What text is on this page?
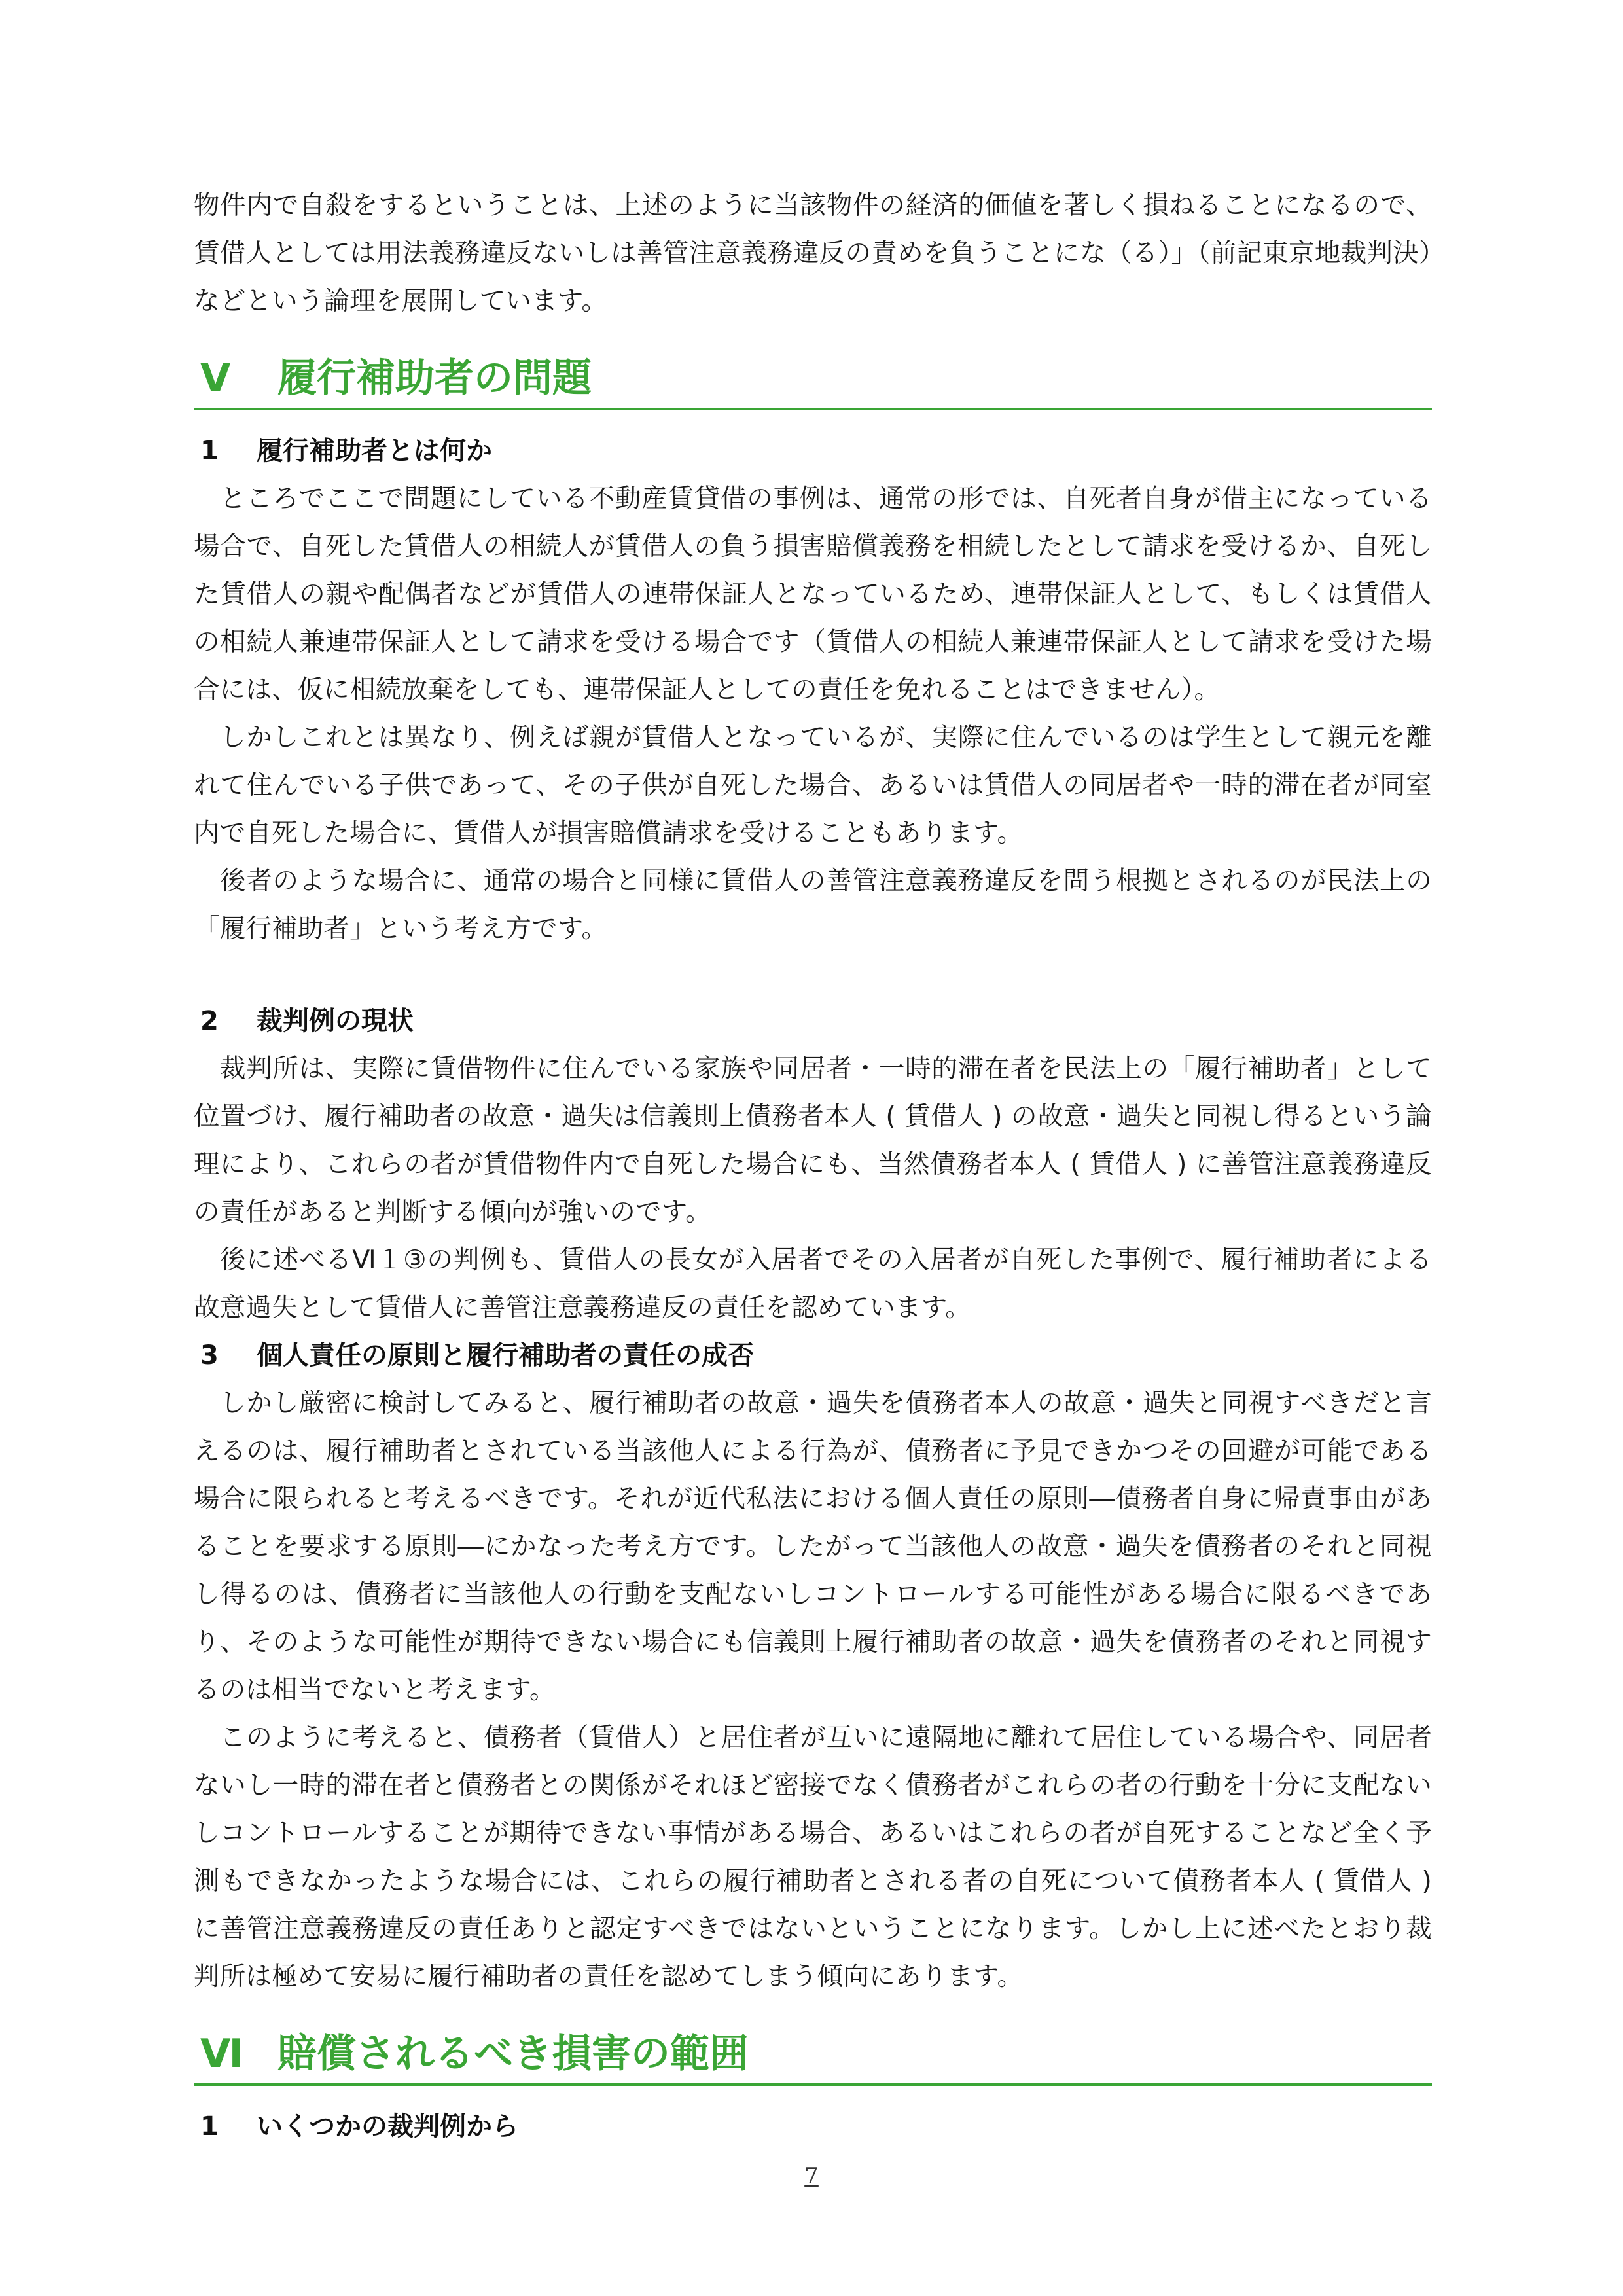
物件内で自殺をするということは、上述のように当該物件の経済的価値を著しく損ねることになるので、賃借人としては用法義務違反ないしは善管注意義務違反の責めを負うことにな（る）」（前記東京地裁判決）などという論理を展開しています。

Ⅴ	履行補助者の問題
1	履行補助者とは何か

ところでここで問題にしている不動産賃貸借の事例は、通常の形では、自死者自身が借主になっている場合で、自死した賃借人の相続人が賃借人の負う損害賠償義務を相続したとして請求を受けるか、自死した賃借人の親や配偶者などが賃借人の連帯保証人となっているため、連帯保証人として、もしくは賃借人の相続人兼連帯保証人として請求を受ける場合です（賃借人の相続人兼連帯保証人として請求を受けた場合には、仮に相続放棄をしても、連帯保証人としての責任を免れることはできません）。

しかしこれとは異なり、例えば親が賃借人となっているが、実際に住んでいるのは学生として親元を離れて住んでいる子供であって、その子供が自死した場合、あるいは賃借人の同居者や一時的滞在者が同室内で自死した場合に、賃借人が損害賠償請求を受けることもあります。

後者のような場合に、通常の場合と同様に賃借人の善管注意義務違反を問う根拠とされるのが民法上の「履行補助者」という考え方です。

2	裁判例の現状

裁判所は、実際に賃借物件に住んでいる家族や同居者・一時的滞在者を民法上の「履行補助者」として位置づけ、履行補助者の故意・過失は信義則上債務者本人 ( 賃借人 ) の故意・過失と同視し得るという論理により、これらの者が賃借物件内で自死した場合にも、当然債務者本人 ( 賃借人 ) に善管注意義務違反の責任があると判断する傾向が強いのです。

後に述べるⅥ１③の判例も、賃借人の長女が入居者でその入居者が自死した事例で、履行補助者による故意過失として賃借人に善管注意義務違反の責任を認めています。

3	個人責任の原則と履行補助者の責任の成否

しかし厳密に検討してみると、履行補助者の故意・過失を債務者本人の故意・過失と同視すべきだと言えるのは、履行補助者とされている当該他人による行為が、債務者に予見できかつその回避が可能である場合に限られると考えるべきです。それが近代私法における個人責任の原則―債務者自身に帰責事由があることを要求する原則―にかなった考え方です。したがって当該他人の故意・過失を債務者のそれと同視し得るのは、債務者に当該他人の行動を支配ないしコントロールする可能性がある場合に限るべきであり、そのような可能性が期待できない場合にも信義則上履行補助者の故意・過失を債務者のそれと同視するのは相当でないと考えます。

このように考えると、債務者（賃借人）と居住者が互いに遠隔地に離れて居住している場合や、同居者ないし一時的滞在者と債務者との関係がそれほど密接でなく債務者がこれらの者の行動を十分に支配ないしコントロールすることが期待できない事情がある場合、あるいはこれらの者が自死することなど全く予測もできなかったような場合には、これらの履行補助者とされる者の自死について債務者本人 ( 賃借人 ) に善管注意義務違反の責任ありと認定すべきではないということになります。しかし上に述べたとおり裁判所は極めて安易に履行補助者の責任を認めてしまう傾向にあります。

Ⅵ 賠償されるべき損害の範囲
1	いくつかの裁判例から
7
